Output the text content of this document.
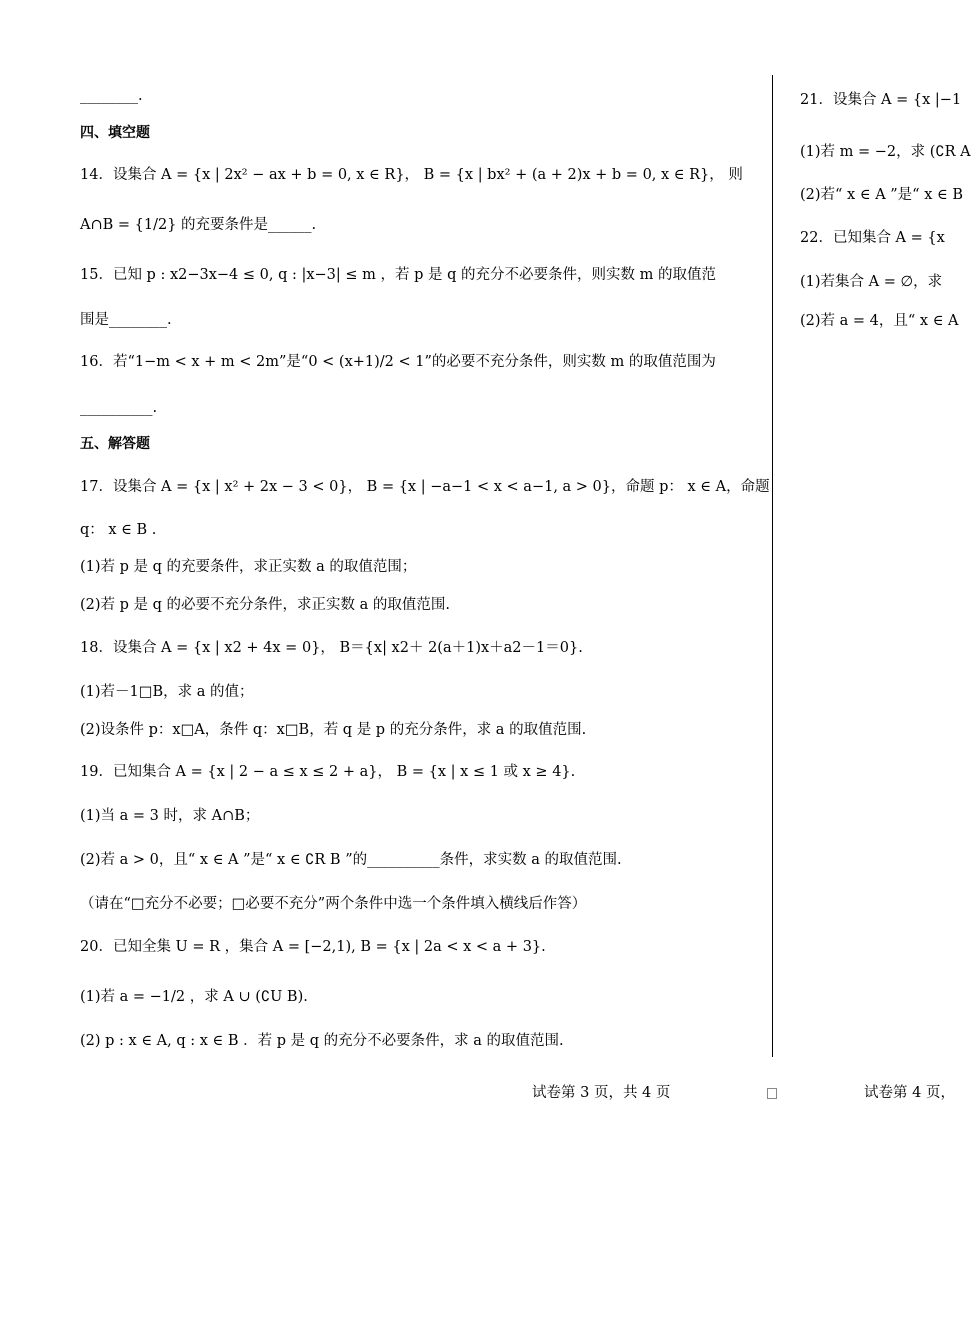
________.
四、填空题
14．设集合 A = {x | 2x² − ax + b = 0, x ∈ R}， B = {x | bx² + (a + 2)x + b = 0, x ∈ R}， 则
A∩B = {1/2} 的充要条件是______.
15．已知 p : x2−3x−4 ≤ 0, q : |x−3| ≤ m ，若 p 是 q 的充分不必要条件，则实数 m 的取值范
围是________.
16．若“1−m < x + m < 2m”是“0 < (x+1)/2 < 1”的必要不充分条件，则实数 m 的取值范围为
__________.
五、解答题
17．设集合 A = {x | x² + 2x − 3 < 0}， B = {x | −a−1 < x < a−1, a > 0}，命题 p： x ∈ A，命题
q： x ∈ B .
(1)若 p 是 q 的充要条件，求正实数 a 的取值范围；
(2)若 p 是 q 的必要不充分条件，求正实数 a 的取值范围.
18．设集合 A = {x | x2 + 4x = 0}， B＝{x| x2＋ 2(a＋1)x＋a2－1＝0}.
(1)若－1□B，求 a 的值；
(2)设条件 p：x□A，条件 q：x□B，若 q 是 p 的充分条件，求 a 的取值范围.
19．已知集合 A = {x | 2 − a ≤ x ≤ 2 + a}， B = {x | x ≤ 1 或 x ≥ 4}.
(1)当 a = 3 时，求 A∩B；
(2)若 a > 0，且“ x ∈ A ”是“ x ∈ ∁R B ”的__________条件，求实数 a 的取值范围.
（请在“□充分不必要；□必要不充分”两个条件中选一个条件填入横线后作答）
20．已知全集 U = R ，集合 A = [−2,1), B = {x | 2a < x < a + 3}.
(1)若 a = −1/2 ，求 A ∪ (∁U B).
(2) p : x ∈ A, q : x ∈ B ．若 p 是 q 的充分不必要条件，求 a 的取值范围.
21．设集合 A = {x |−1
(1)若 m = −2，求 (∁R A
(2)若“ x ∈ A ”是“ x ∈ B
22．已知集合 A = {x
(1)若集合 A = ∅，求
(2)若 a = 4，且“ x ∈ A
试卷第 3 页，共 4 页	试卷第 4 页，
